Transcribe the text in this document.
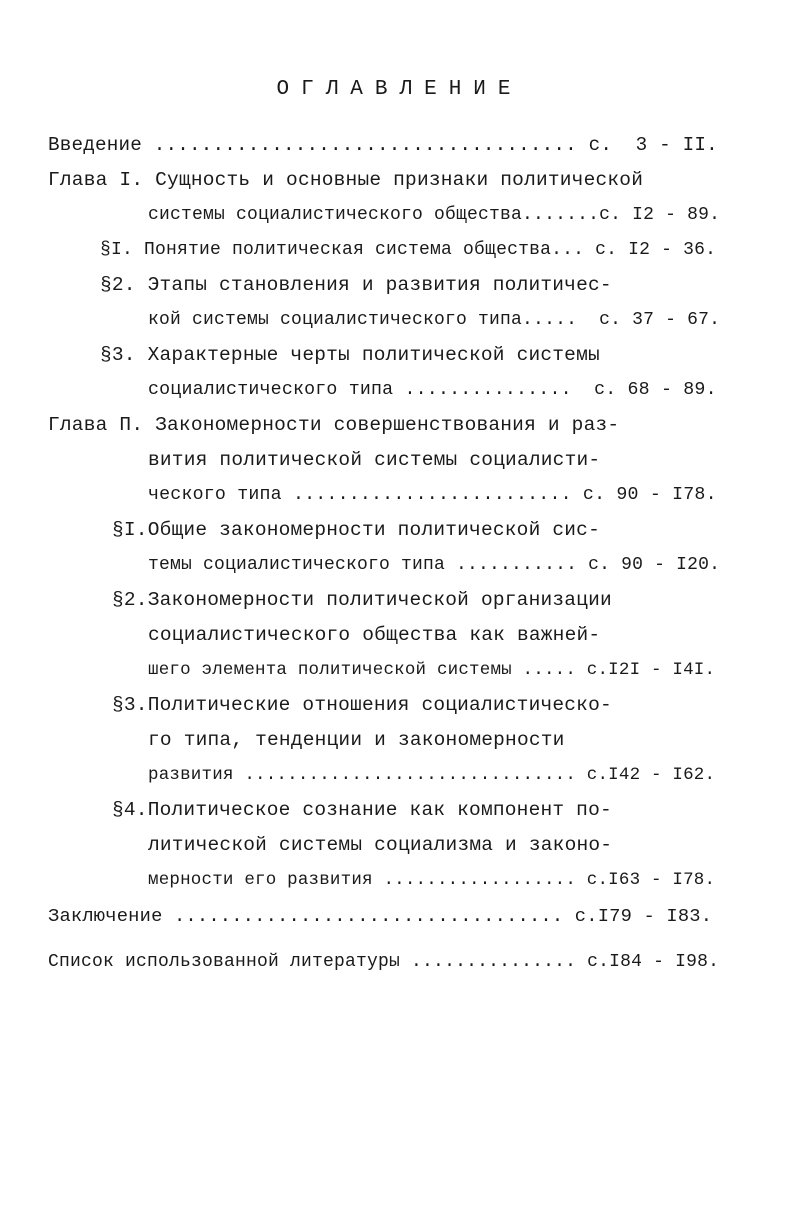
ОГЛАВЛЕНИЕ
Введение .................................... с.  3 - II.
Глава I. Сущность и основные признаки политической
системы социалистического общества.......с. I2 - 89.
§I. Понятие политическая система общества... с. I2 - 36.
§2. Этапы становления и развития политичес-
кой системы социалистического типа.....  с. 37 - 67.
§3. Характерные черты политической системы
социалистического типа ...............  с. 68 - 89.
Глава П. Закономерности совершенствования и раз-
вития политической системы социалисти-
ческого типа ......................... с. 90 - I78.
§I.Общие закономерности политической сис-
темы социалистического типа ........... с. 90 - I20.
§2.Закономерности политической организации
социалистического общества как важней-
шего элемента политической системы ..... с.I2I - I4I.
§3.Политические отношения социалистическо-
го типа, тенденции и закономерности
развития ............................... с.I42 - I62.
§4.Политическое сознание как компонент по-
литической системы социализма и законо-
мерности его развития .................. с.I63 - I78.
Заключение .................................. с.I79 - I83.
Список использованной литературы ............... с.I84 - I98.
